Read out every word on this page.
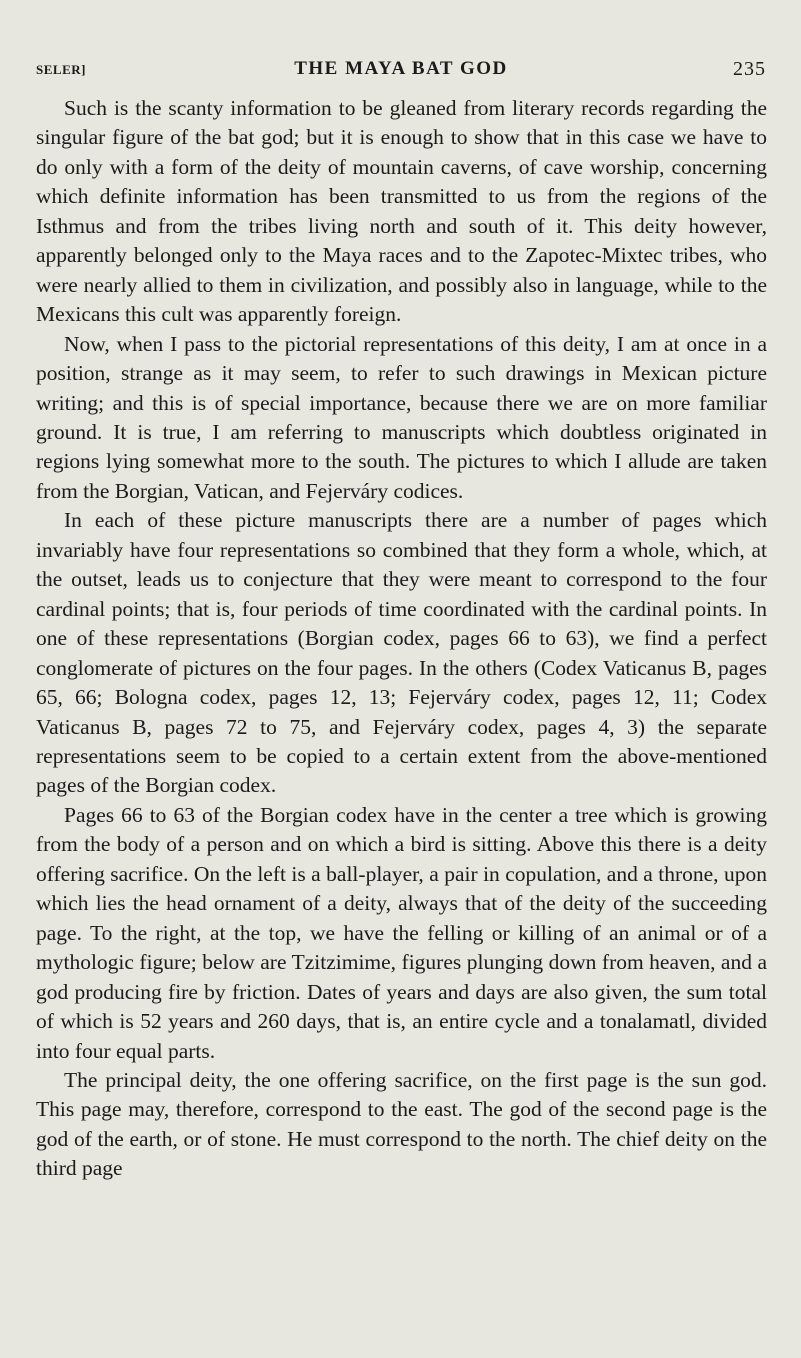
SELER]	THE MAYA BAT GOD	235

Such is the scanty information to be gleaned from literary records regarding the singular figure of the bat god; but it is enough to show that in this case we have to do only with a form of the deity of mountain caverns, of cave worship, concerning which definite information has been transmitted to us from the regions of the Isthmus and from the tribes living north and south of it. This deity however, apparently belonged only to the Maya races and to the Zapotec-Mixtec tribes, who were nearly allied to them in civilization, and possibly also in language, while to the Mexicans this cult was apparently foreign.

Now, when I pass to the pictorial representations of this deity, I am at once in a position, strange as it may seem, to refer to such drawings in Mexican picture writing; and this is of special importance, because there we are on more familiar ground. It is true, I am referring to manuscripts which doubtless originated in regions lying somewhat more to the south. The pictures to which I allude are taken from the Borgian, Vatican, and Fejerváry codices.

In each of these picture manuscripts there are a number of pages which invariably have four representations so combined that they form a whole, which, at the outset, leads us to conjecture that they were meant to correspond to the four cardinal points; that is, four periods of time coordinated with the cardinal points. In one of these representations (Borgian codex, pages 66 to 63), we find a perfect conglomerate of pictures on the four pages. In the others (Codex Vaticanus B, pages 65, 66; Bologna codex, pages 12, 13; Fejerváry codex, pages 12, 11; Codex Vaticanus B, pages 72 to 75, and Fejerváry codex, pages 4, 3) the separate representations seem to be copied to a certain extent from the above-mentioned pages of the Borgian codex.

Pages 66 to 63 of the Borgian codex have in the center a tree which is growing from the body of a person and on which a bird is sitting. Above this there is a deity offering sacrifice. On the left is a ball-player, a pair in copulation, and a throne, upon which lies the head ornament of a deity, always that of the deity of the succeeding page. To the right, at the top, we have the felling or killing of an animal or of a mythologic figure; below are Tzitzimime, figures plunging down from heaven, and a god producing fire by friction. Dates of years and days are also given, the sum total of which is 52 years and 260 days, that is, an entire cycle and a tonalamatl, divided into four equal parts.

The principal deity, the one offering sacrifice, on the first page is the sun god. This page may, therefore, correspond to the east. The god of the second page is the god of the earth, or of stone. He must correspond to the north. The chief deity on the third page
